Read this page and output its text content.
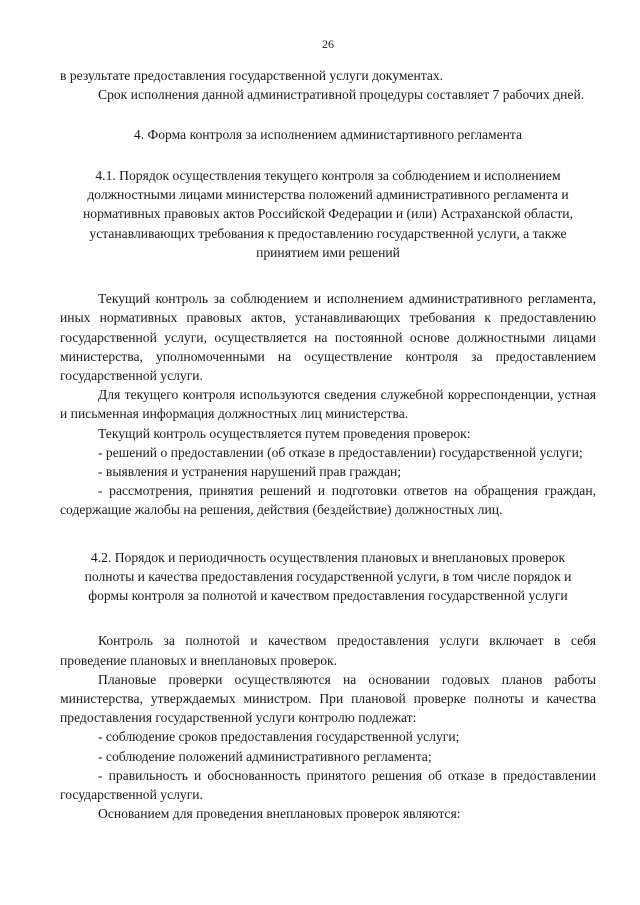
26

в результате предоставления государственной услуги документах.

Срок исполнения данной административной процедуры составляет 7 рабочих дней.

4. Форма контроля за исполнением администартивного регламента

4.1. Порядок осуществления текущего контроля за соблюдением и исполнением должностными лицами министерства положений административного регламента и нормативных правовых актов Российской Федерации и (или) Астраханской области, устанавливающих требования к предоставлению государственной услуги, а также принятием ими решений

Текущий контроль за соблюдением и исполнением административного регламента, иных нормативных правовых актов, устанавливающих требования к предоставлению государственной услуги, осуществляется на постоянной основе должностными лицами министерства, уполномоченными на осуществление контроля за предоставлением государственной услуги.

Для текущего контроля используются сведения служебной корреспонденции, устная и письменная информация должностных лиц министерства.

Текущий контроль осуществляется путем проведения проверок:

- решений о предоставлении (об отказе в предоставлении) государственной услуги;

- выявления и устранения нарушений прав граждан;

- рассмотрения, принятия решений и подготовки ответов на обращения граждан, содержащие жалобы на решения, действия (бездействие) должностных лиц.

4.2. Порядок и периодичность осуществления плановых и внеплановых проверок полноты и качества предоставления государственной услуги, в том числе порядок и формы контроля за полнотой и качеством предоставления государственной услуги

Контроль за полнотой и качеством предоставления услуги включает в себя проведение плановых и внеплановых проверок.

Плановые проверки осуществляются на основании годовых планов работы министерства, утверждаемых министром. При плановой проверке полноты и качества предоставления государственной услуги контролю подлежат:

- соблюдение сроков предоставления государственной услуги;

- соблюдение положений административного регламента;

- правильность и обоснованность принятого решения об отказе в предоставлении государственной услуги.

Основанием для проведения внеплановых проверок являются:
